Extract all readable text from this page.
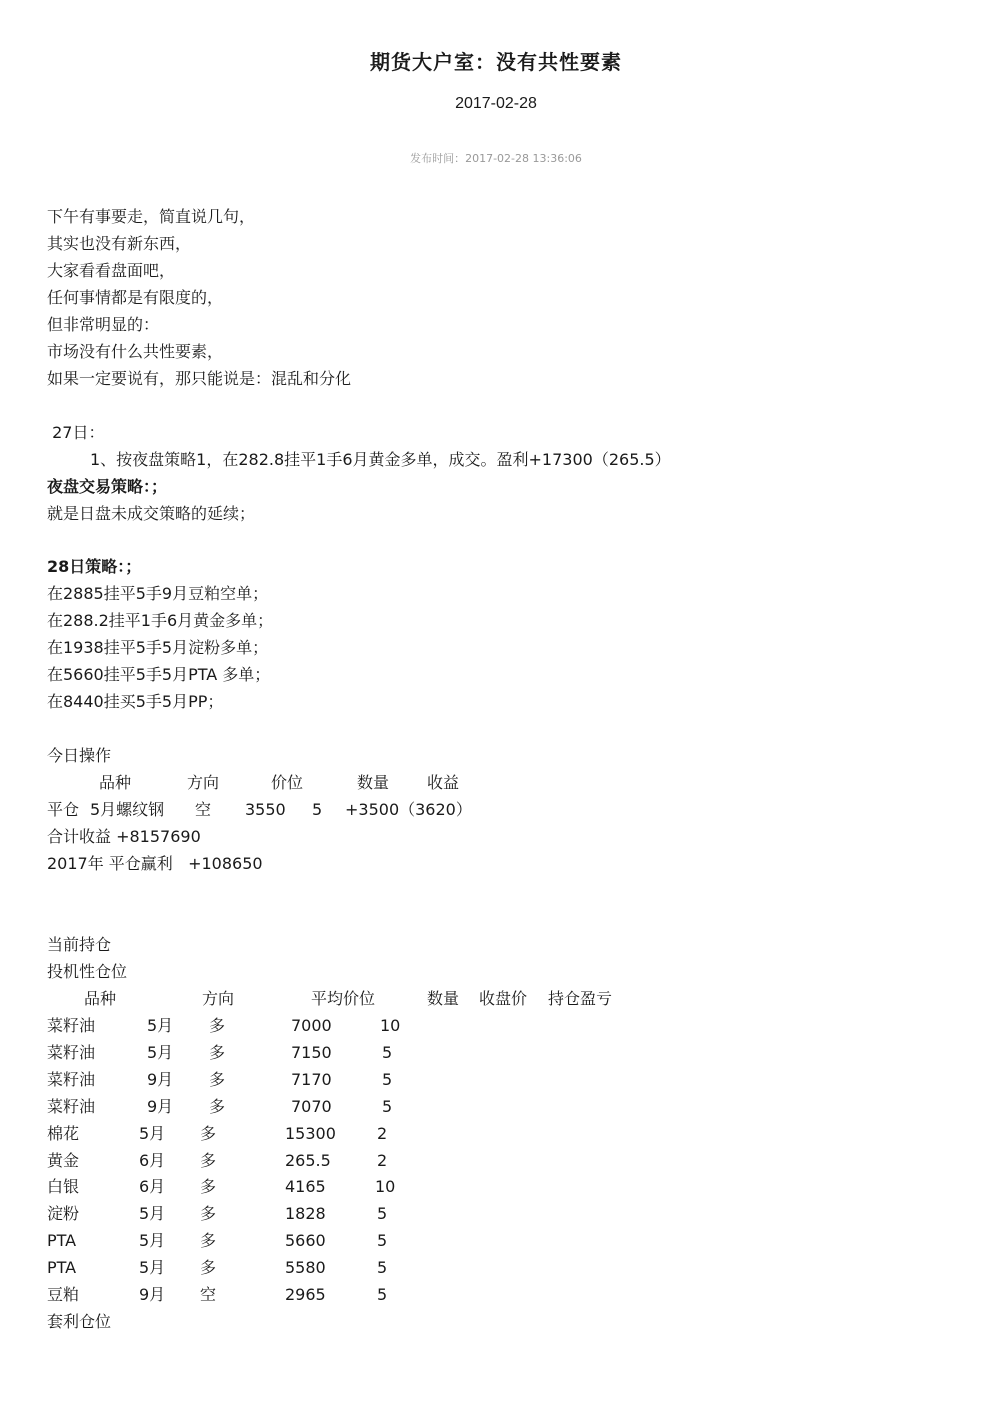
期货大户室：没有共性要素
2017-02-28
发布时间：2017-02-28 13:36:06
下午有事要走，简直说几句，
其实也没有新东西，
大家看看盘面吧，
任何事情都是有限度的，
但非常明显的：
市场没有什么共性要素，
如果一定要说有，那只能说是：混乱和分化
27日：
1、按夜盘策略1，在282.8挂平1手6月黄金多单，成交。盈利+17300（265.5）
夜盘交易策略：；
就是日盘未成交策略的延续；
28日策略：；
在2885挂平5手9月豆粕空单；
在288.2挂平1手6月黄金多单；
在1938挂平5手5月淀粉多单；
在5660挂平5手5月PTA 多单；
在8440挂买5手5月PP；
今日操作
品种	方向	价位	数量 收益
平仓 5月螺纹钢 空 3550 5 +3500（3620）
合计收益 +8157690
2017年 平仓赢利   +108650
当前持仓
投机性仓位
品种	方向	平均价位	数量 收盘价 持仓盈亏
菜籽油	5月 多	7000	10
菜籽油	5月 多	7150	5
菜籽油	9月 多	7170	5
菜籽油	9月 多	7070	5
棉花	5月 多	15300	2
黄金	6月 多	265.5	2
白银	6月 多	4165	10
淀粉	5月 多	1828	5
PTA	5月 多	5660	5
PTA	5月 多	5580	5
豆粕	9月 空	2965	5
套利仓位
